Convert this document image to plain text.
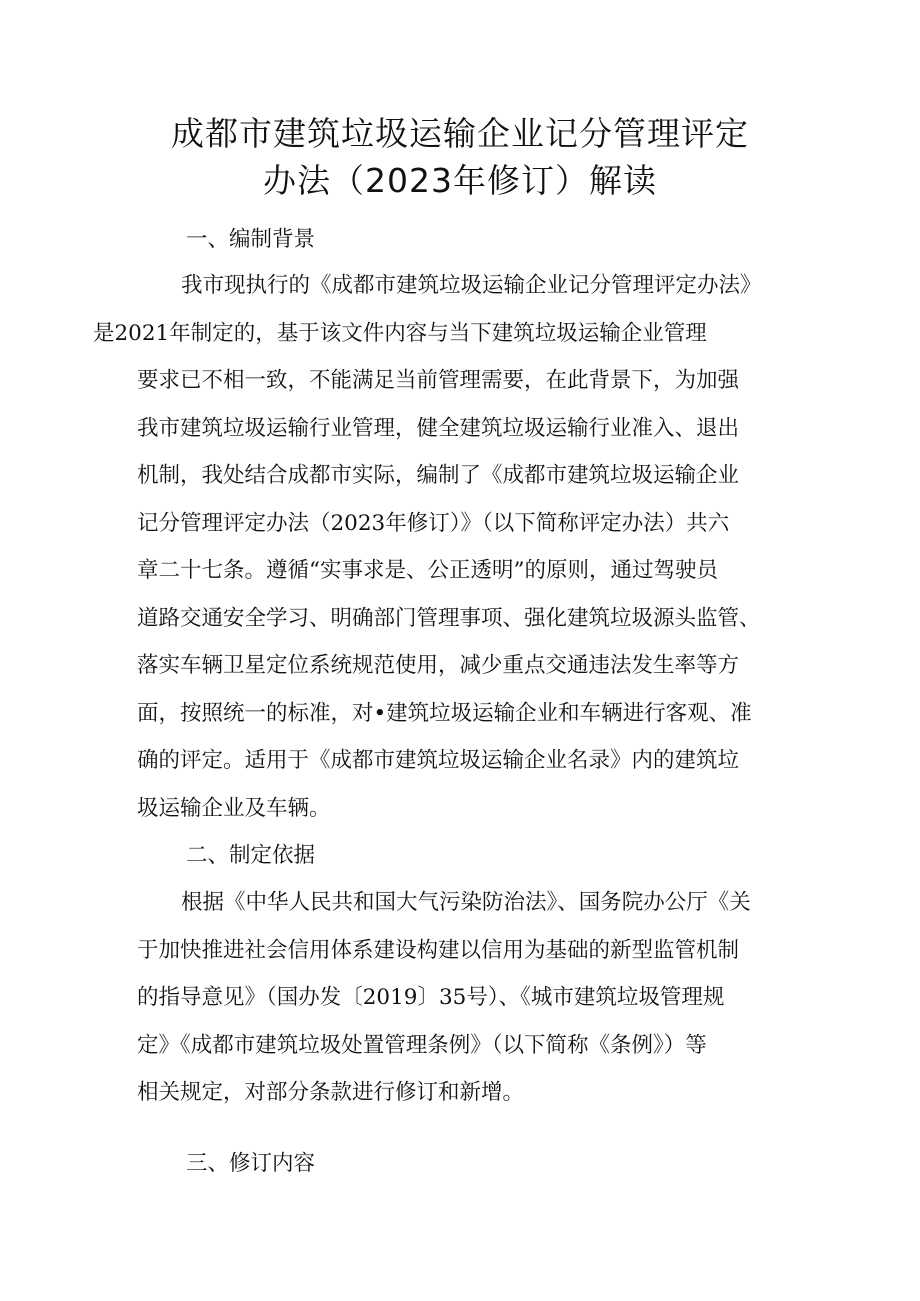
成都市建筑垃圾运输企业记分管理评定
办法（2023年修订）解读
一、编制背景
我市现执行的《成都市建筑垃圾运输企业记分管理评定办法》
是2021年制定的，基于该文件内容与当下建筑垃圾运输企业管理
要求已不相一致，不能满足当前管理需要，在此背景下，为加强
我市建筑垃圾运输行业管理，健全建筑垃圾运输行业准入、退出
机制，我处结合成都市实际，编制了《成都市建筑垃圾运输企业
记分管理评定办法（2023年修订）》（以下简称评定办法）共六
章二十七条。遵循“实事求是、公正透明”的原则，通过驾驶员
道路交通安全学习、明确部门管理事项、强化建筑垃圾源头监管、
落实车辆卫星定位系统规范使用，减少重点交通违法发生率等方
面，按照统一的标准，对•建筑垃圾运输企业和车辆进行客观、准
确的评定。适用于《成都市建筑垃圾运输企业名录》内的建筑垃
圾运输企业及车辆。
二、制定依据
根据《中华人民共和国大气污染防治法》、国务院办公厅《关
于加快推进社会信用体系建设构建以信用为基础的新型监管机制
的指导意见》（国办发〔2019〕35号）、《城市建筑垃圾管理规
定》《成都市建筑垃圾处置管理条例》（以下简称《条例》）等
相关规定，对部分条款进行修订和新增。
三、修订内容
